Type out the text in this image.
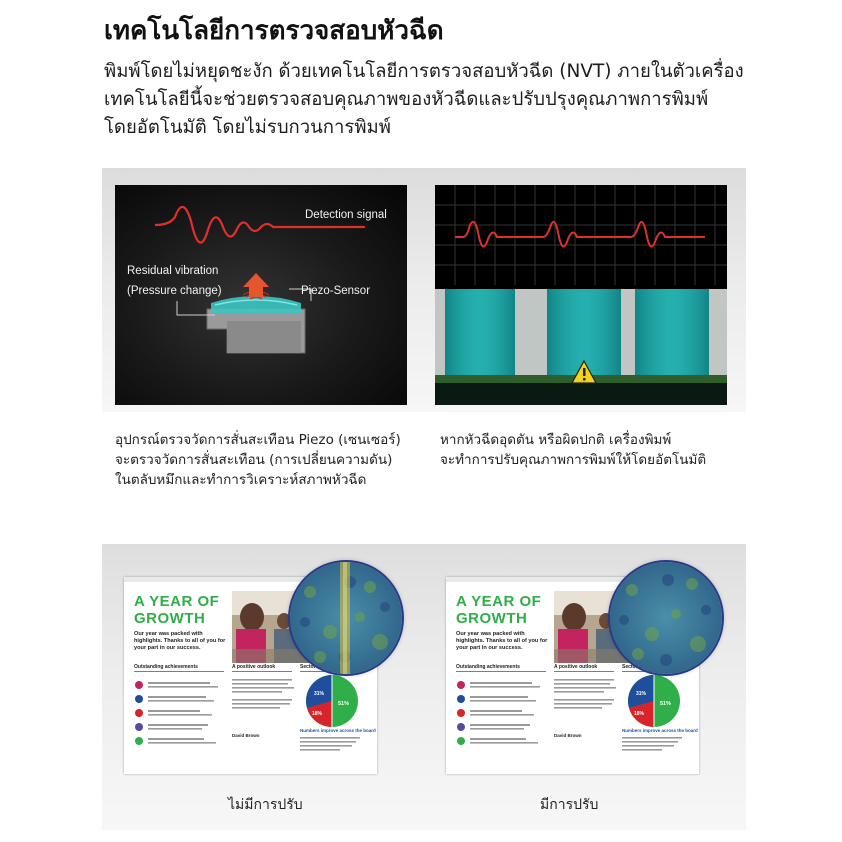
เทคโนโลยีการตรวจสอบหัวฉีด
พิมพ์โดยไม่หยุดชะงัก ด้วยเทคโนโลยีการตรวจสอบหัวฉีด (NVT) ภายในตัวเครื่อง
เทคโนโลยีนี้จะช่วยตรวจสอบคุณภาพของหัวฉีดและปรับปรุงคุณภาพการพิมพ์
โดยอัตโนมัติ โดยไม่รบกวนการพิมพ์
Detection signal
Residual vibration
(Pressure change)	Piezo-Sensor
อุปกรณ์ตรวจวัดการสั่นสะเทือน Piezo (เซนเซอร์)
จะตรวจวัดการสั่นสะเทือน (การเปลี่ยนความดัน)
ในตลับหมึกและทำการวิเคราะห์สภาพหัวฉีด
หากหัวฉีดอุดตัน หรือผิดปกติ เครื่องพิมพ์
จะทำการปรับคุณภาพการพิมพ์ให้โดยอัตโนมัติ
51%
18%
31%
David Brown
Numbers improve across the board
A YEAR OF
GROWTH
Our year was packed with highlights. Thanks to all of you for your part in our success.
Outstanding achievements	A positive outlook
51%
18%
31%
David Brown
Numbers improve across the board
A YEAR OF
GROWTH
Our year was packed with highlights. Thanks to all of you for your part in our success.
Outstanding achievements	A positive outlook
ไม่มีการปรับ	มีการปรับ
